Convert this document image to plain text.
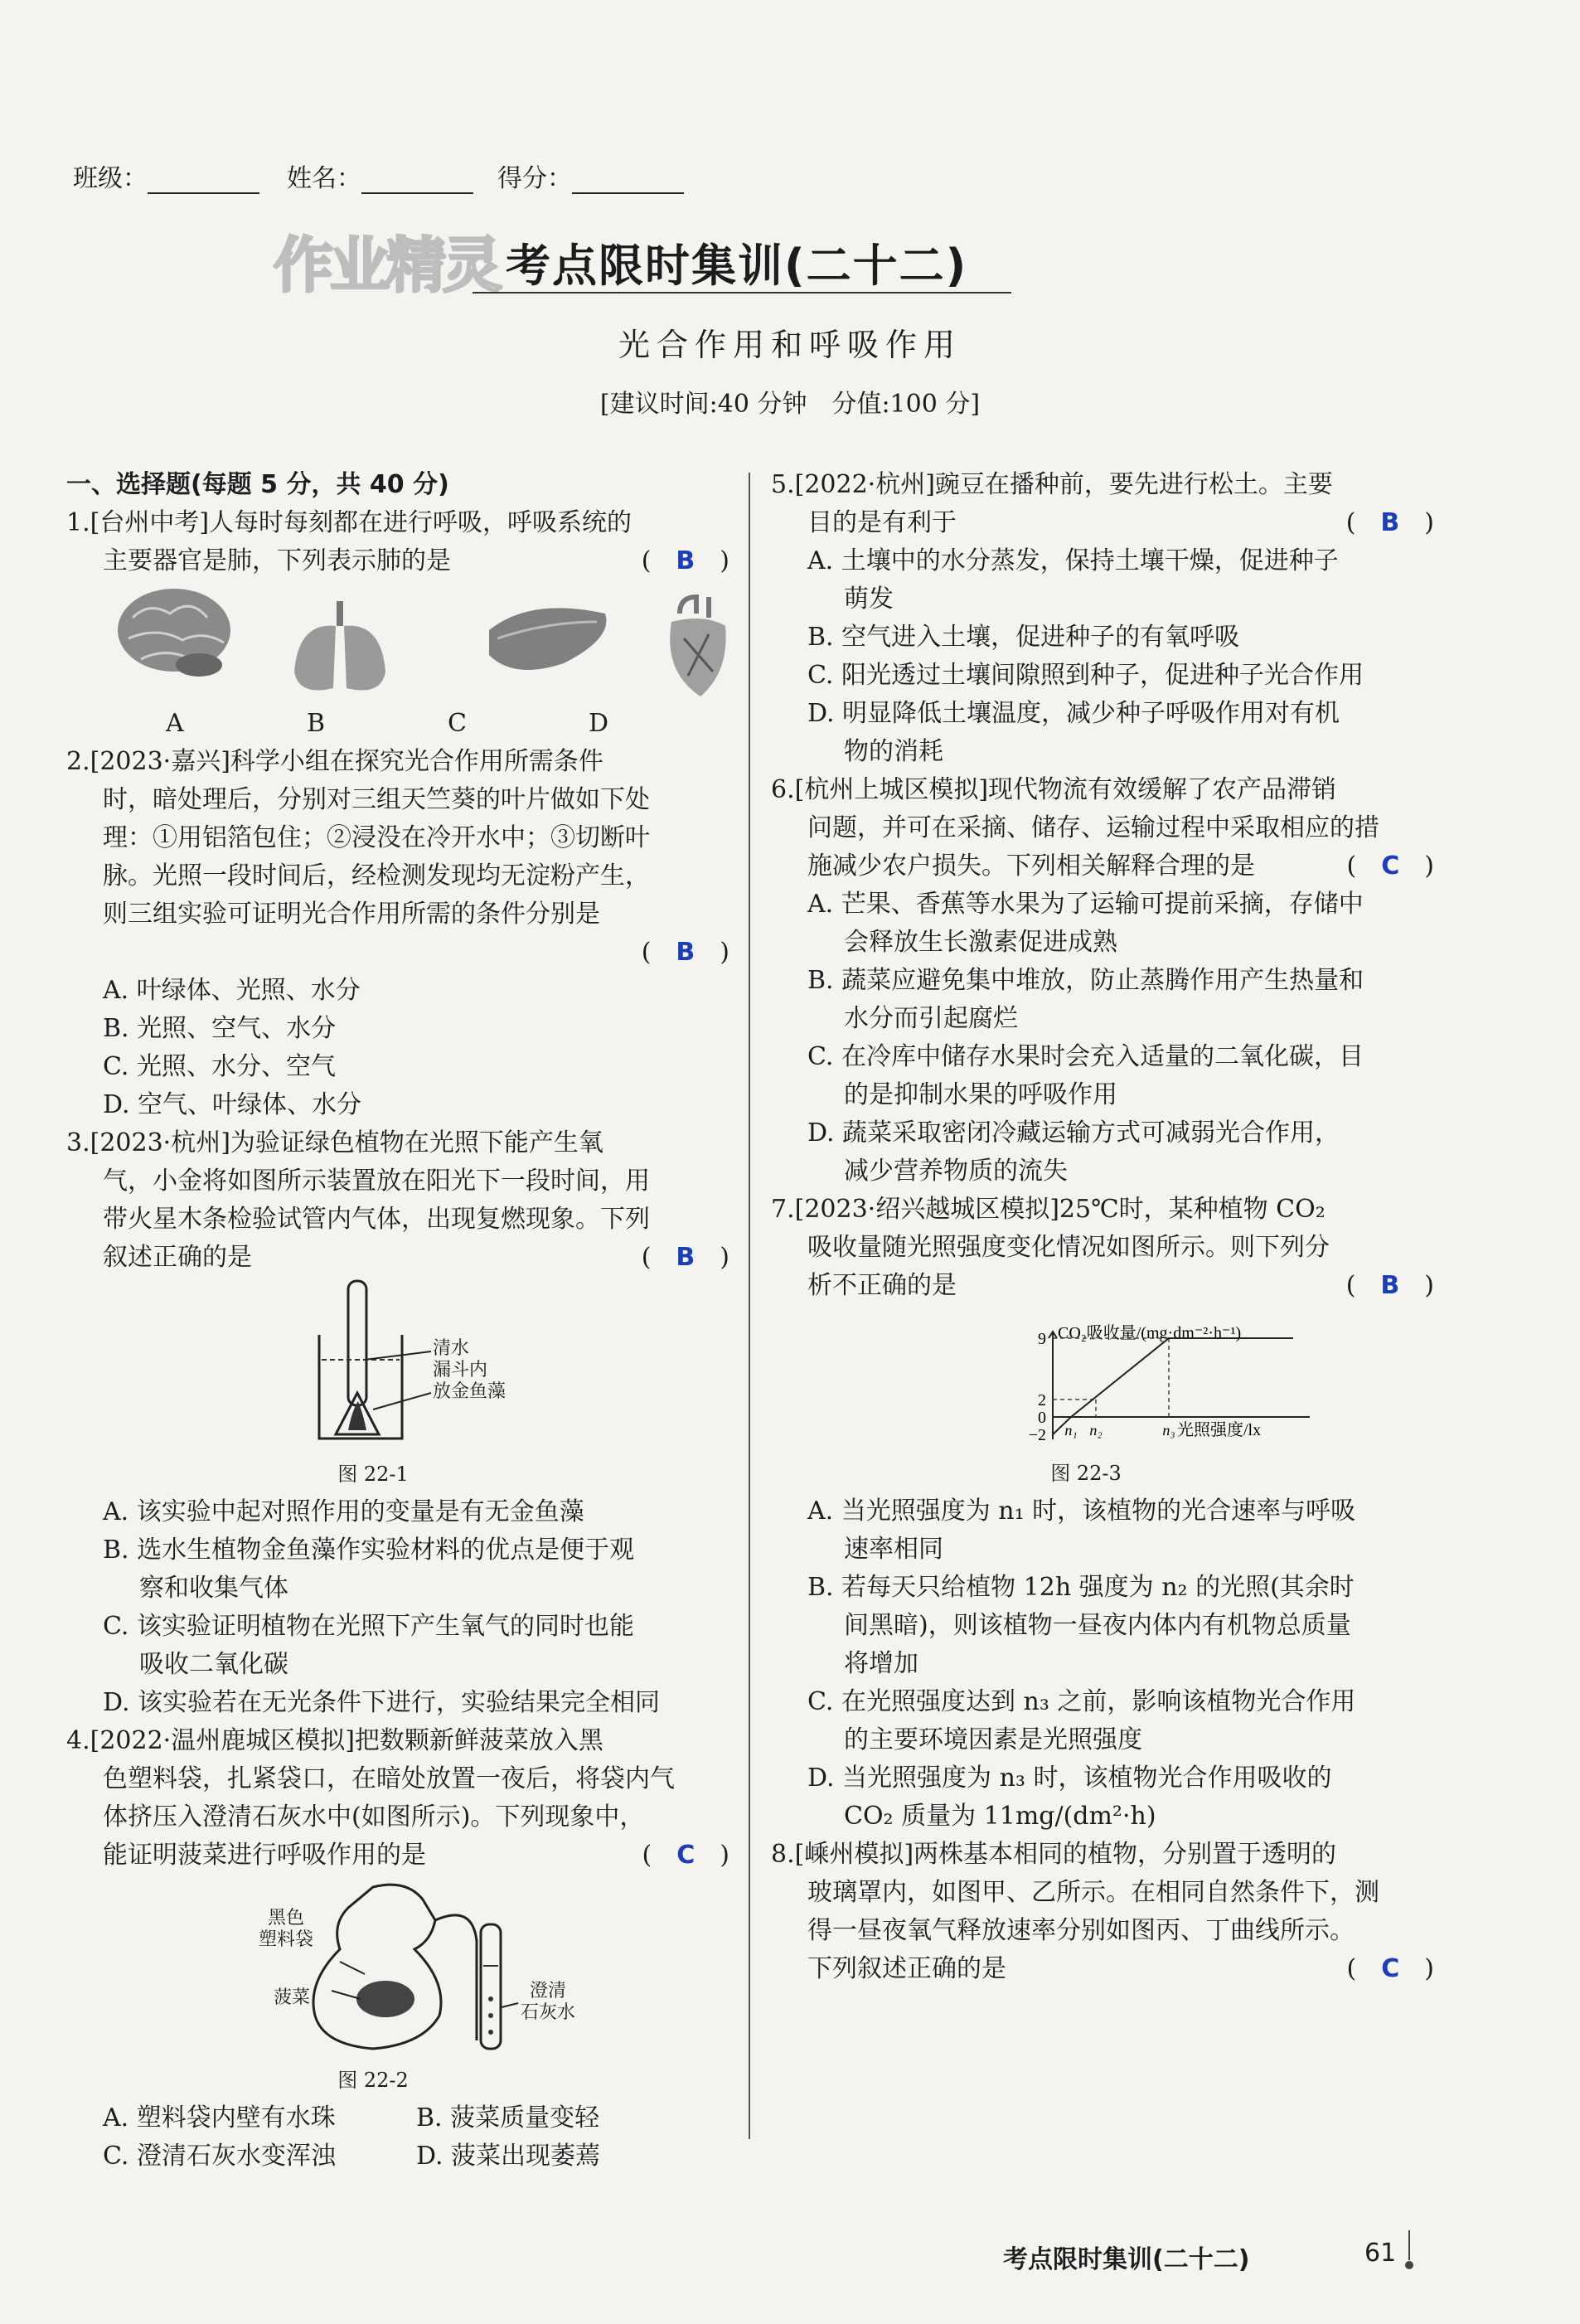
班级：	姓名：	得分：
作业精灵 考点限时集训(二十二)
光合作用和呼吸作用
[建议时间:40 分钟　分值:100 分]

一、选择题(每题 5 分，共 40 分)

1.[台州中考]人每时每刻都在进行呼吸，呼吸系统的

主要器官是肺，下列表示肺的是	(　B　)

A	B	C	D

2.[2023·嘉兴]科学小组在探究光合作用所需条件

时，暗处理后，分别对三组天竺葵的叶片做如下处

理：①用铝箔包住；②浸没在冷开水中；③切断叶

脉。光照一段时间后，经检测发现均无淀粉产生，

则三组实验可证明光合作用所需的条件分别是

(　B　)

A. 叶绿体、光照、水分

B. 光照、空气、水分

C. 光照、水分、空气

D. 空气、叶绿体、水分

3.[2023·杭州]为验证绿色植物在光照下能产生氧

气，小金将如图所示装置放在阳光下一段时间，用

带火星木条检验试管内气体，出现复燃现象。下列

叙述正确的是	(　B　)

清水
漏斗内
放金鱼藻

图 22-1

A. 该实验中起对照作用的变量是有无金鱼藻

B. 选水生植物金鱼藻作实验材料的优点是便于观

察和收集气体

C. 该实验证明植物在光照下产生氧气的同时也能

吸收二氧化碳

D. 该实验若在无光条件下进行，实验结果完全相同

4.[2022·温州鹿城区模拟]把数颗新鲜菠菜放入黑

色塑料袋，扎紧袋口，在暗处放置一夜后，将袋内气

体挤压入澄清石灰水中(如图所示)。下列现象中，

能证明菠菜进行呼吸作用的是	(　C　)

黑色
塑料袋
菠菜	澄清
石灰水

图 22-2

A. 塑料袋内壁有水珠	B. 菠菜质量变轻
C. 澄清石灰水变浑浊	D. 菠菜出现萎蔫

5.[2022·杭州]豌豆在播种前，要先进行松土。主要

目的是有利于	(　B　)

A. 土壤中的水分蒸发，保持土壤干燥，促进种子

萌发

B. 空气进入土壤，促进种子的有氧呼吸

C. 阳光透过土壤间隙照到种子，促进种子光合作用

D. 明显降低土壤温度，减少种子呼吸作用对有机

物的消耗

6.[杭州上城区模拟]现代物流有效缓解了农产品滞销

问题，并可在采摘、储存、运输过程中采取相应的措

施减少农户损失。下列相关解释合理的是	(　C　)

A. 芒果、香蕉等水果为了运输可提前采摘，存储中

会释放生长激素促进成熟

B. 蔬菜应避免集中堆放，防止蒸腾作用产生热量和

水分而引起腐烂

C. 在冷库中储存水果时会充入适量的二氧化碳，目

的是抑制水果的呼吸作用

D. 蔬菜采取密闭冷藏运输方式可减弱光合作用，

减少营养物质的流失

7.[2023·绍兴越城区模拟]25℃时，某种植物 CO₂

吸收量随光照强度变化情况如图所示。则下列分

析不正确的是	(　B　)

CO₂吸收量/(mg·dm⁻²·h⁻¹)
光照强度/lx
9
2
0
−2 n₁ n₂	n₃

图 22-3

A. 当光照强度为 n₁ 时，该植物的光合速率与呼吸

速率相同

B. 若每天只给植物 12h 强度为 n₂ 的光照(其余时

间黑暗)，则该植物一昼夜内体内有机物总质量

将增加

C. 在光照强度达到 n₃ 之前，影响该植物光合作用

的主要环境因素是光照强度

D. 当光照强度为 n₃ 时，该植物光合作用吸收的

CO₂ 质量为 11mg/(dm²·h)

8.[嵊州模拟]两株基本相同的植物，分别置于透明的

玻璃罩内，如图甲、乙所示。在相同自然条件下，测

得一昼夜氧气释放速率分别如图丙、丁曲线所示。

下列叙述正确的是	(　C　)

考点限时集训(二十二)	61
